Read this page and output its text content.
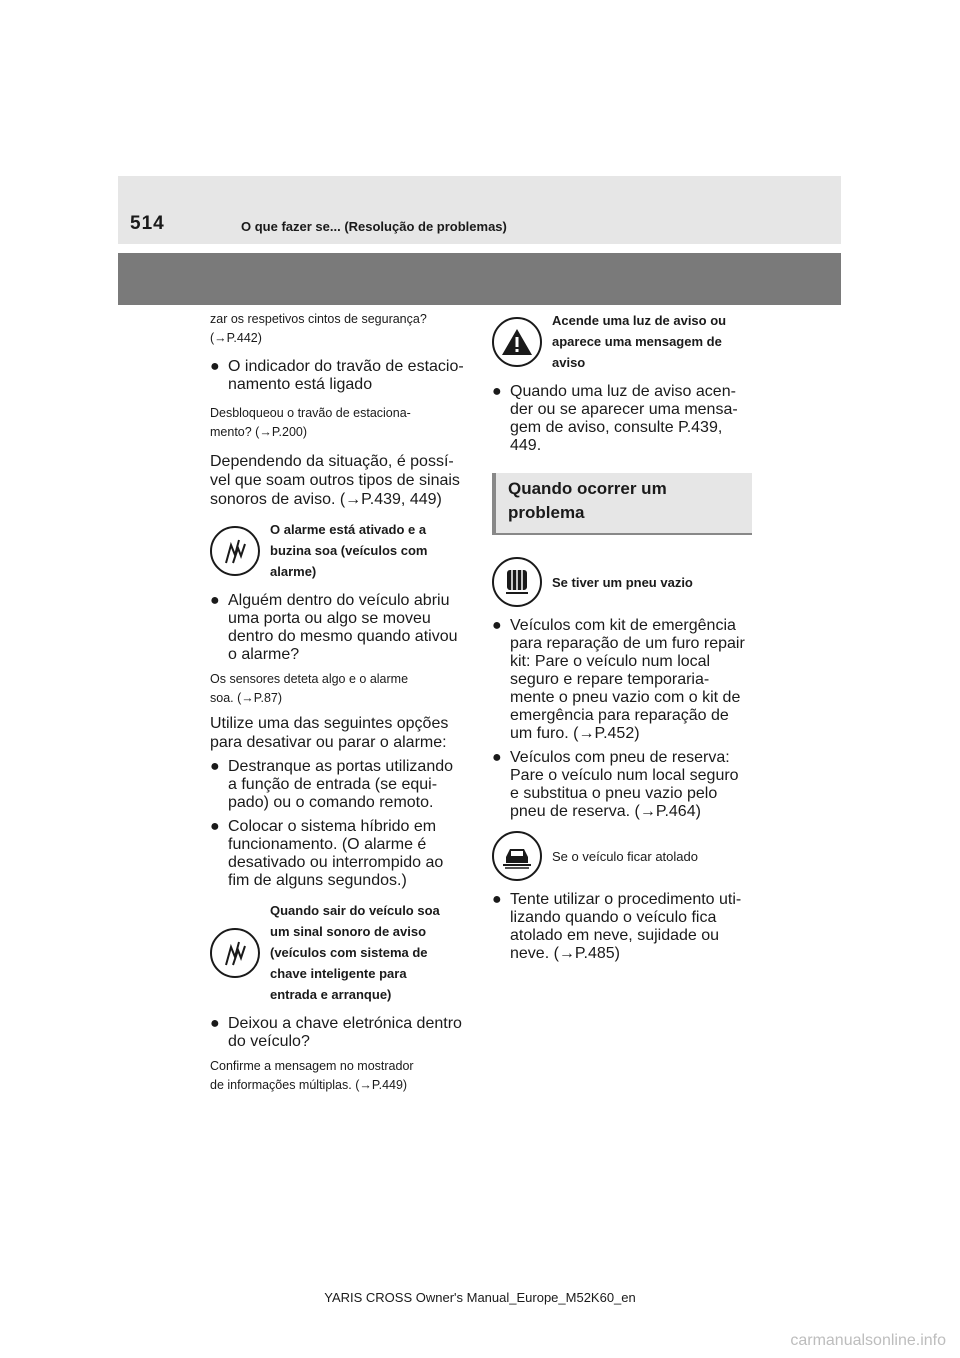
514	O que fazer se... (Resolução de problemas)
zar os respetivos cintos de segurança?
(→P.442)
● O indicador do travão de estacio-
namento está ligado
Desbloqueou o travão de estaciona-
mento? (→P.200)
Dependendo da situação, é possí-
vel que soam outros tipos de sinais
sonoros de aviso. (→P.439, 449)
O alarme está ativado e a
buzina soa (veículos com
alarme)
● Alguém dentro do veículo abriu
uma porta ou algo se moveu
dentro do mesmo quando ativou
o alarme?
Os sensores deteta algo e o alarme
soa. (→P.87)
Utilize uma das seguintes opções
para desativar ou parar o alarme:
● Destranque as portas utilizando
a função de entrada (se equi-
pado) ou o comando remoto.
● Colocar o sistema híbrido em
funcionamento. (O alarme é
desativado ou interrompido ao
fim de alguns segundos.)
Quando sair do veículo soa
um sinal sonoro de aviso
(veículos com sistema de
chave inteligente para
entrada e arranque)
● Deixou a chave eletrónica dentro
do veículo?
Confirme a mensagem no mostrador
de informações múltiplas. (→P.449)
Acende uma luz de aviso ou
aparece uma mensagem de
aviso
● Quando uma luz de aviso acen-
der ou se aparecer uma mensa-
gem de aviso, consulte P.439,
449.
Quando ocorrer um
problema
Se tiver um pneu vazio
● Veículos com kit de emergência
para reparação de um furo repair
kit: Pare o veículo num local
seguro e repare temporaria-
mente o pneu vazio com o kit de
emergência para reparação de
um furo. (→P.452)
● Veículos com pneu de reserva:
Pare o veículo num local seguro
e substitua o pneu vazio pelo
pneu de reserva. (→P.464)
Se o veículo ficar atolado
● Tente utilizar o procedimento uti-
lizando quando o veículo fica
atolado em neve, sujidade ou
neve. (→P.485)
YARIS CROSS Owner's Manual_Europe_M52K60_en
carmanualsonline.info
